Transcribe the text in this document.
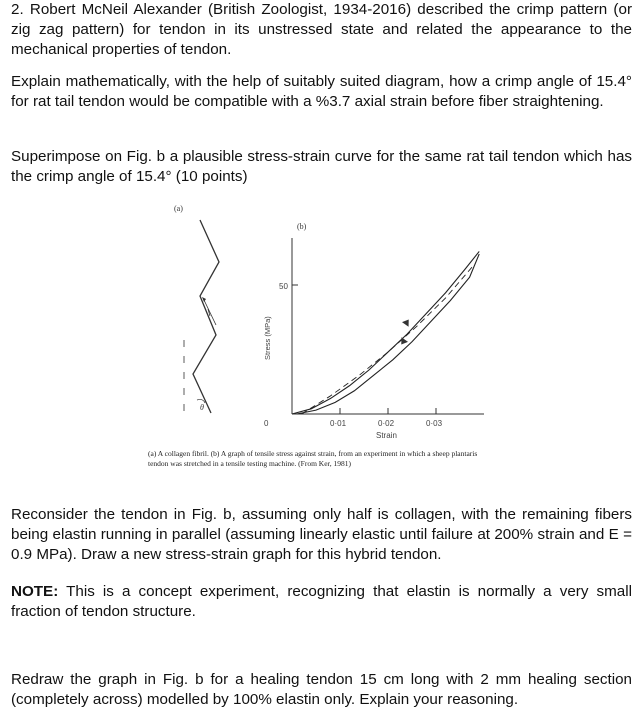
2. Robert McNeil Alexander (British Zoologist, 1934-2016) described the crimp pattern (or zig zag pattern) for tendon in its unstressed state and related the appearance to the mechanical properties of tendon.

Explain mathematically, with the help of suitably suited diagram, how a crimp angle of 15.4° for rat tail tendon would be compatible with a %3.7 axial strain before fiber straightening.

Superimpose on Fig. b a plausible stress-strain curve for the same rat tail tendon which has the crimp angle of 15.4° (10 points)

(a)
θ
(b)
Stress (MPa)
50
0	0·01	0·02	0·03
Strain
(a) A collagen fibril. (b) A graph of tensile stress against strain, from an experiment in which a sheep plantaris tendon was stretched in a tensile testing machine. (From Ker, 1981)

Reconsider the tendon in Fig. b, assuming only half is collagen, with the remaining fibers being elastin running in parallel (assuming linearly elastic until failure at 200% strain and E = 0.9 MPa). Draw a new stress-strain graph for this hybrid tendon.

NOTE: This is a concept experiment, recognizing that elastin is normally a very small fraction of tendon structure.

Redraw the graph in Fig. b for a healing tendon 15 cm long with 2 mm healing section (completely across) modelled by 100% elastin only. Explain your reasoning.
